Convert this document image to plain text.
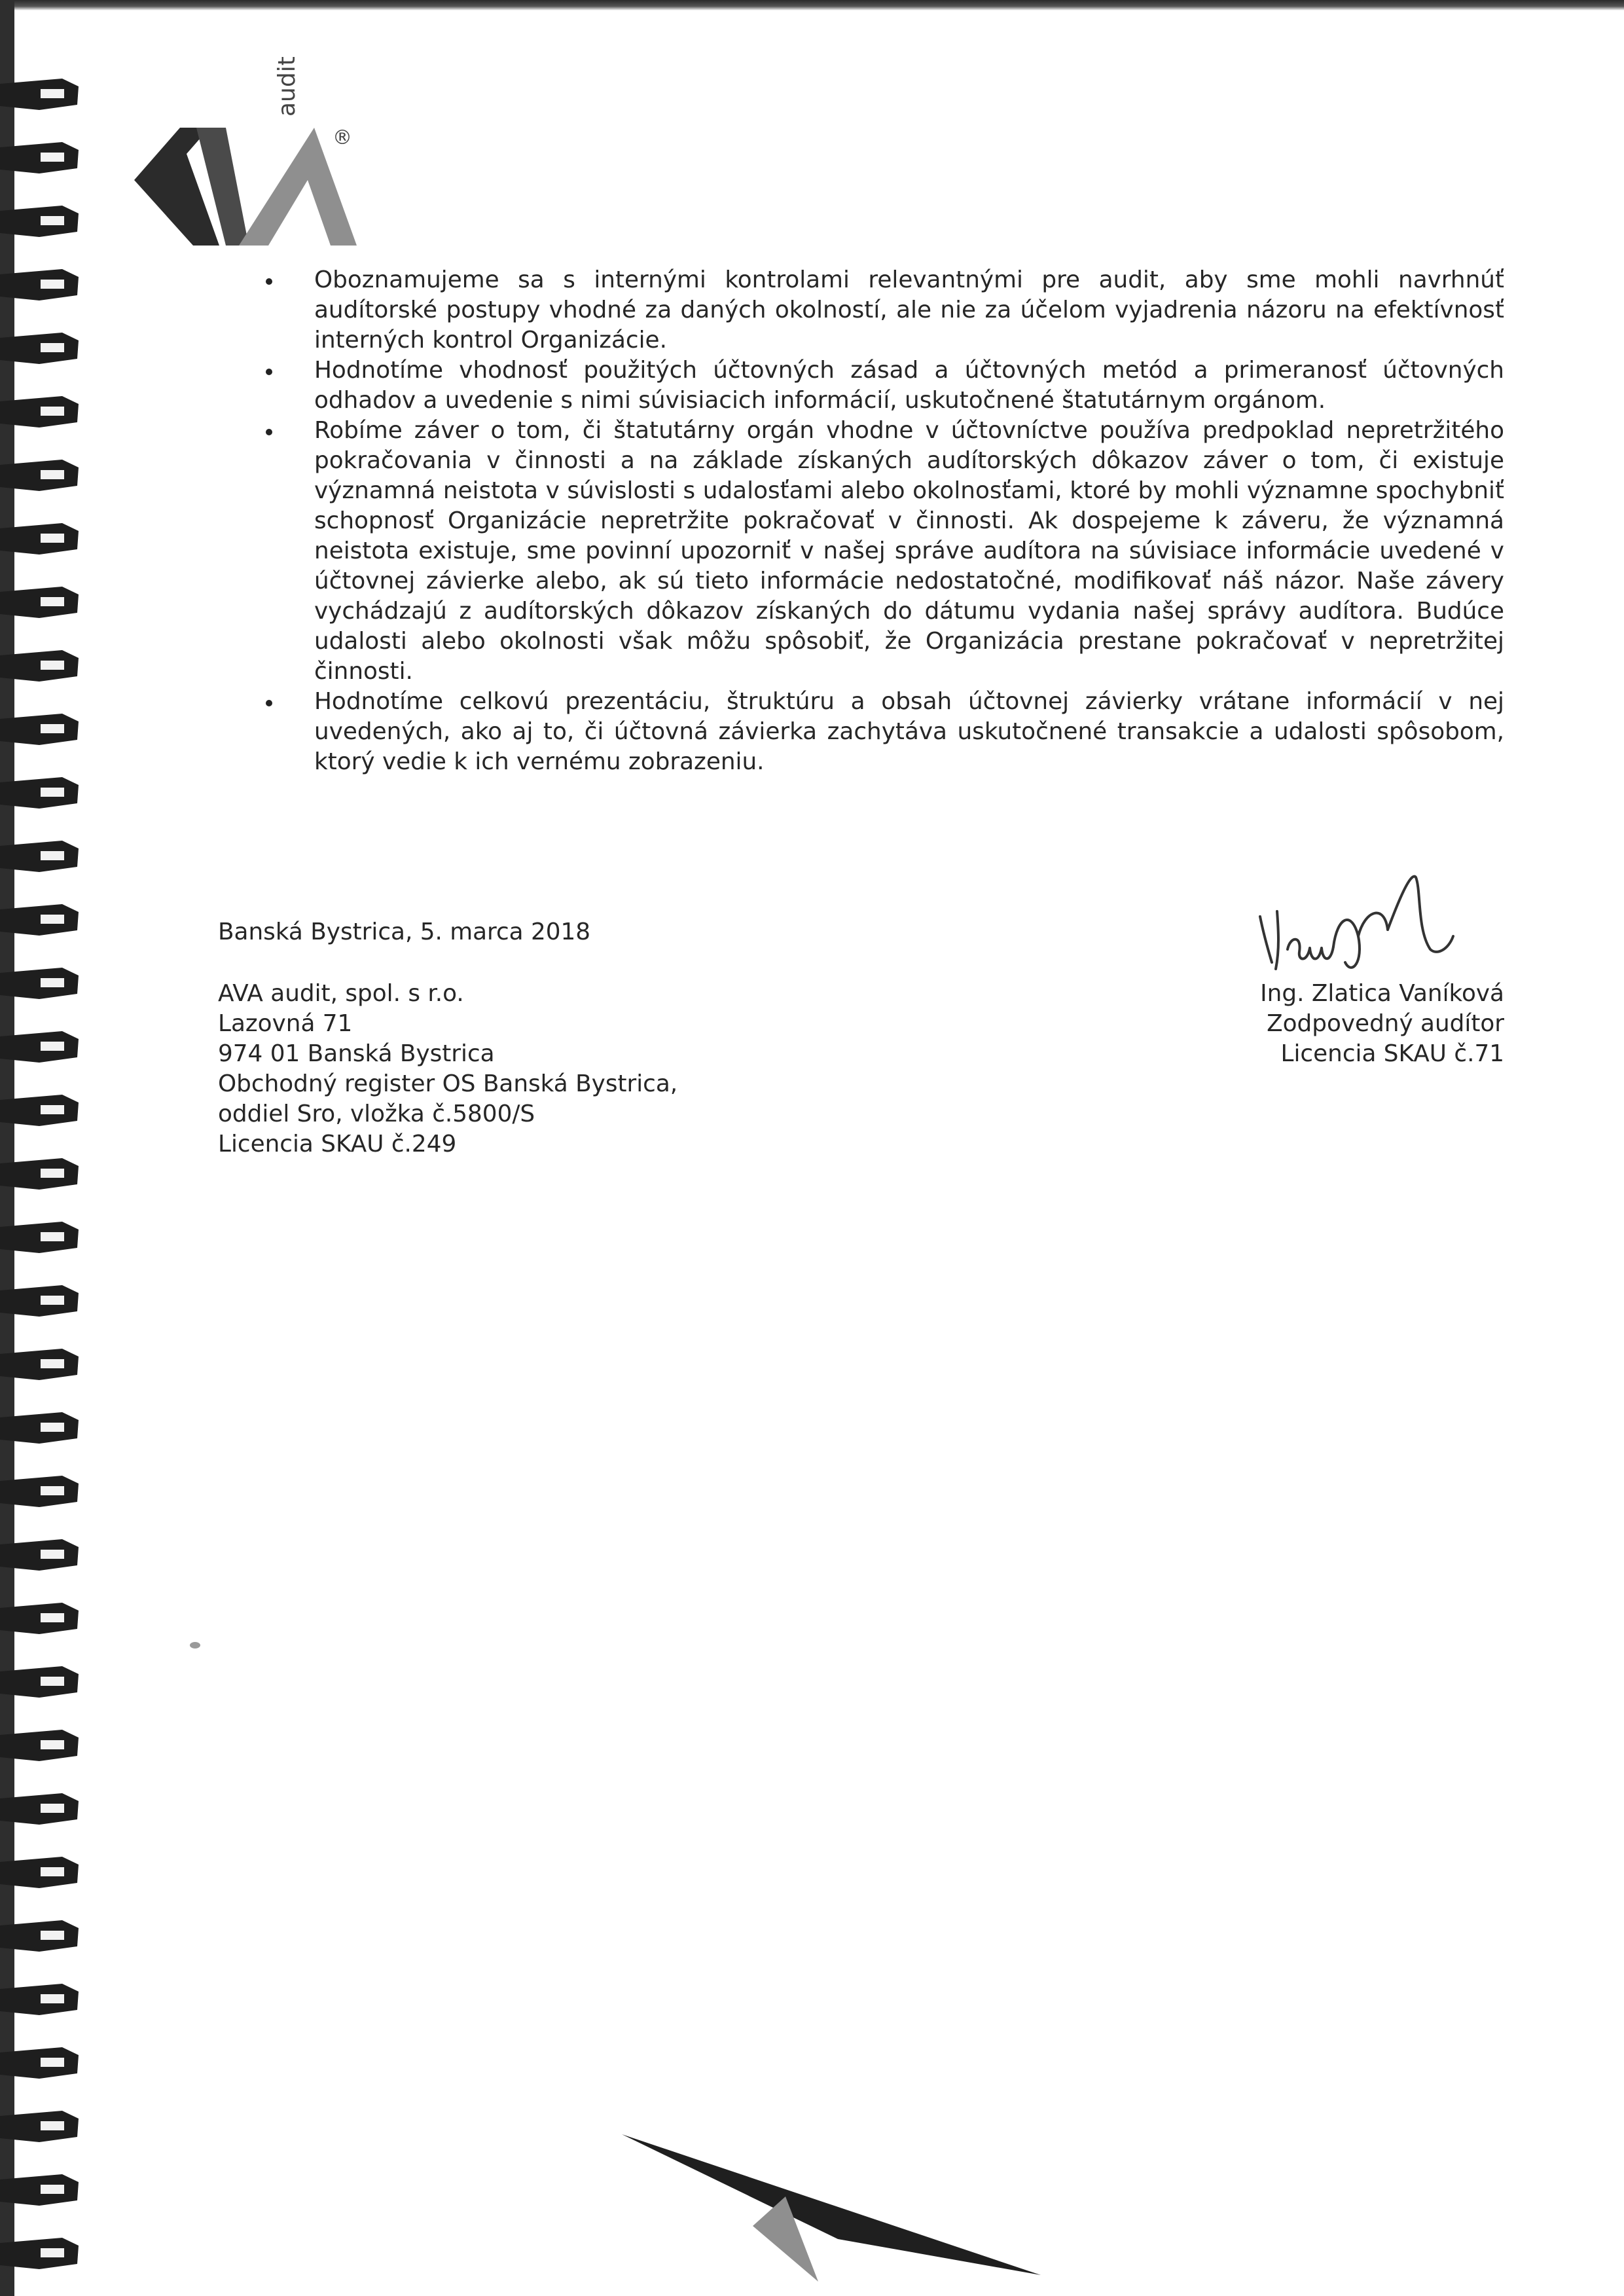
audit
®
Oboznamujeme sa s internými kontrolami relevantnými pre audit, aby sme mohli navrhnúť audítorské postupy vhodné za daných okolností, ale nie za účelom vyjadrenia názoru na efektívnosť interných kontrol Organizácie.
Hodnotíme vhodnosť použitých účtovných zásad a účtovných metód a primeranosť účtovných odhadov a uvedenie s nimi súvisiacich informácií, uskutočnené štatutárnym orgánom.
Robíme záver o tom, či štatutárny orgán vhodne v účtovníctve používa predpoklad nepretržitého pokračovania v činnosti a na základe získaných audítorských dôkazov záver o tom, či existuje významná neistota v súvislosti s udalosťami alebo okolnosťami, ktoré by mohli významne spochybniť schopnosť Organizácie nepretržite pokračovať v činnosti. Ak dospejeme k záveru, že významná neistota existuje, sme povinní upozorniť v našej správe audítora na súvisiace informácie uvedené v účtovnej závierke alebo, ak sú tieto informácie nedostatočné, modifikovať náš názor. Naše závery vychádzajú z audítorských dôkazov získaných do dátumu vydania našej správy audítora. Budúce udalosti alebo okolnosti však môžu spôsobiť, že Organizácia prestane pokračovať v nepretržitej činnosti.
Hodnotíme celkovú prezentáciu, štruktúru a obsah účtovnej závierky vrátane informácií v nej uvedených, ako aj to, či účtovná závierka zachytáva uskutočnené transakcie a udalosti spôsobom, ktorý vedie k ich vernému zobrazeniu.
Banská Bystrica, 5. marca 2018
AVA audit, spol. s r.o.
Lazovná 71
974 01 Banská Bystrica
Obchodný register OS Banská Bystrica,
oddiel Sro, vložka č.5800/S
Licencia SKAU č.249
Ing. Zlatica Vaníková
Zodpovedný audítor
Licencia SKAU č.71
